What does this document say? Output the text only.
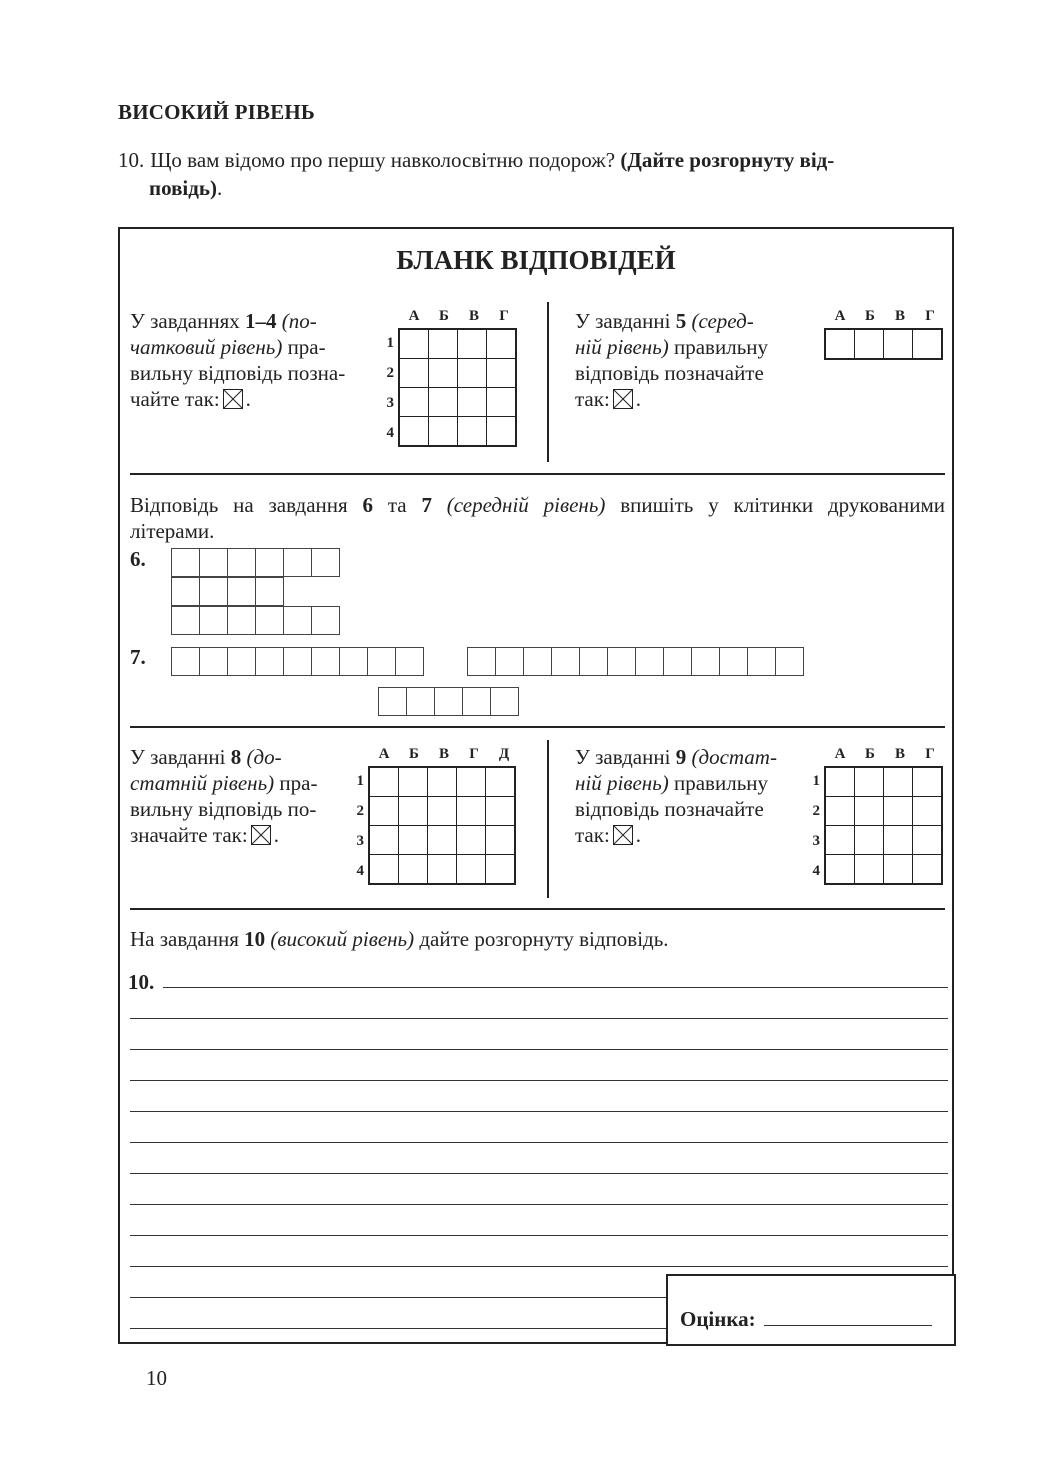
ВИСОКИЙ РІВЕНЬ
10. Що вам відомо про першу навколосвітню подорож? (Дайте розгорнуту від-
повідь).
БЛАНК ВІДПОВІДЕЙ
У завданнях 1–4 (по-
чатковий рівень) пра-
вильну відповідь позна-
чайте так: ☒ .
А	Б	В	Г
1
2
3
4

У завданні 5 (серед-
ній рівень) правильну
відповідь позначайте
так: ☒ .
А	Б	В	Г

Відповідь на завдання 6 та 7 (середній рівень) впишіть у клітинки друкованими
літерами.
6.
7.
У завданні 8 (до-
статній рівень) пра-
вильну відповідь по-
значайте так: ☒ .
А	Б	В	Г	Д
1
2
3
4

У завданні 9 (достат-
ній рівень) правильну
відповідь позначайте
так: ☒ .
А	Б	В	Г
1
2
3
4

На завдання 10 (високий рівень) дайте розгорнуту відповідь.
10.
Оцінка:
10
